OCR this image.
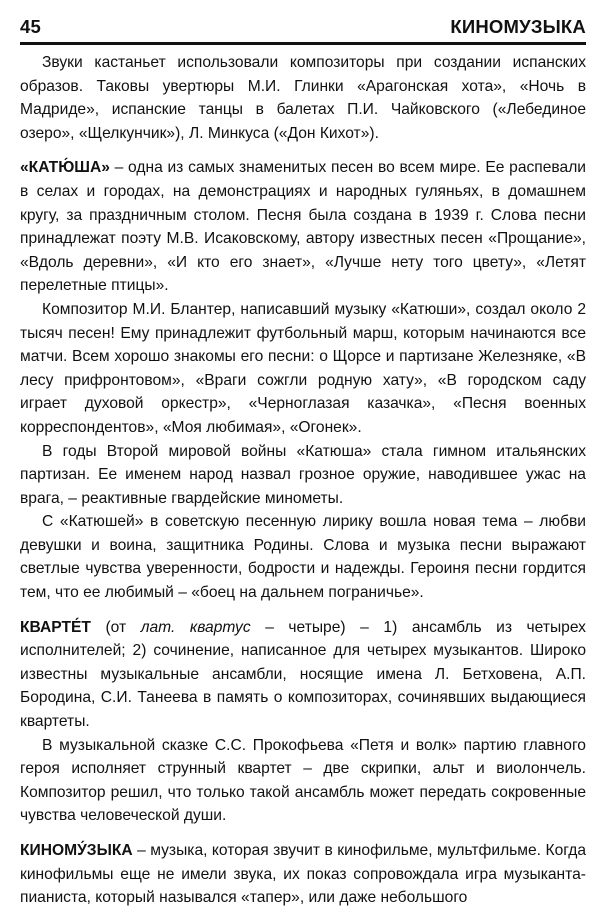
45	КИНОМУЗЫКА

Звуки кастаньет использовали композиторы при создании испанских образов. Таковы увертюры М.И. Глинки «Арагонская хота», «Ночь в Мадриде», испанские танцы в балетах П.И. Чайковского («Лебединое озеро», «Щелкунчик»), Л. Минкуса («Дон Кихот»).

«КАТЮ́ША» – одна из самых знаменитых песен во всем мире. Ее распевали в селах и городах, на демонстрациях и народных гуляньях, в домашнем кругу, за праздничным столом. Песня была создана в 1939 г. Слова песни принадлежат поэту М.В. Исаковскому, автору известных песен «Прощание», «Вдоль деревни», «И кто его знает», «Лучше нету того цвету», «Летят перелетные птицы».

Композитор М.И. Блантер, написавший музыку «Катюши», создал около 2 тысяч песен! Ему принадлежит футбольный марш, которым начинаются все матчи. Всем хорошо знакомы его песни: о Щорсе и партизане Железняке, «В лесу прифронтовом», «Враги сожгли родную хату», «В городском саду играет духовой оркестр», «Черноглазая казачка», «Песня военных корреспондентов», «Моя любимая», «Огонек».

В годы Второй мировой войны «Катюша» стала гимном итальянских партизан. Ее именем народ назвал грозное оружие, наводившее ужас на врага, – реактивные гвардейские минометы.

С «Катюшей» в советскую песенную лирику вошла новая тема – любви девушки и воина, защитника Родины. Слова и музыка песни выражают светлые чувства уверенности, бодрости и надежды. Героиня песни гордится тем, что ее любимый – «боец на дальнем пограничье».

КВАРТЕ́Т (от лат. квартус – четыре) – 1) ансамбль из четырех исполнителей; 2) сочинение, написанное для четырех музыкантов. Широко известны музыкальные ансамбли, носящие имена Л. Бетховена, А.П. Бородина, С.И. Танеева в память о композиторах, сочинявших выдающиеся квартеты.

В музыкальной сказке С.С. Прокофьева «Петя и волк» партию главного героя исполняет струнный квартет – две скрипки, альт и виолончель. Композитор решил, что только такой ансамбль может передать сокровенные чувства человеческой души.

КИНОМУ́ЗЫКА – музыка, которая звучит в кинофильме, мультфильме. Когда кинофильмы еще не имели звука, их показ сопровождала игра музыканта-пианиста, который назывался «тапер», или даже небольшого
